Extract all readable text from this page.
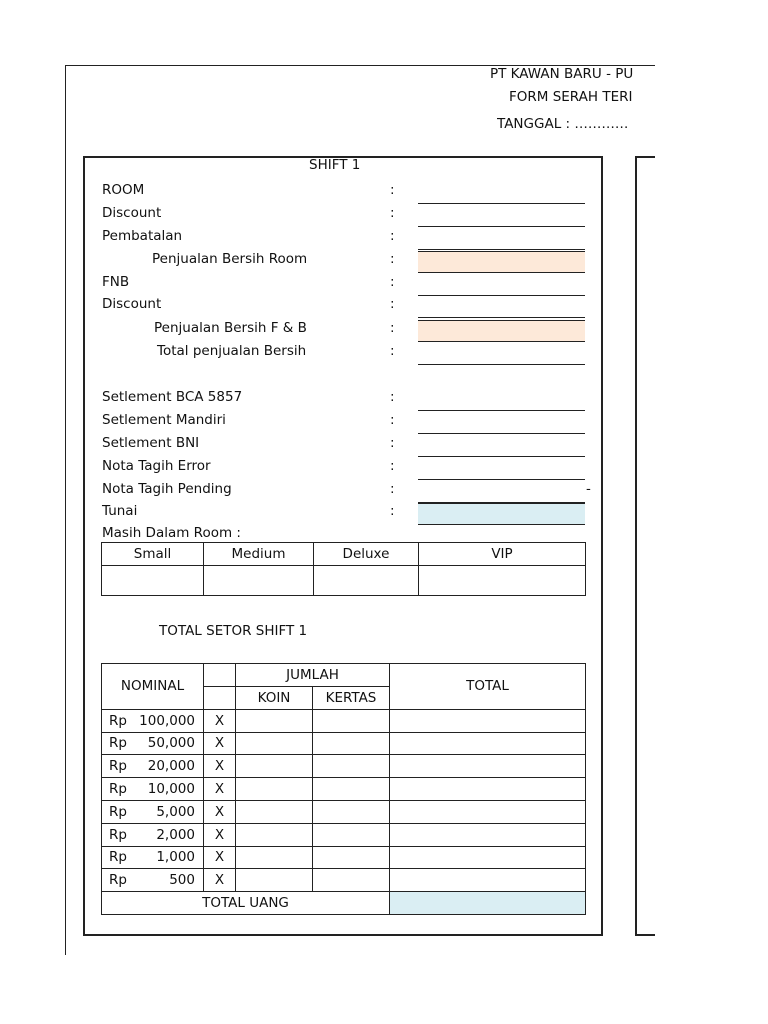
PT KAWAN BARU - PU
FORM SERAH TERI
TANGGAL : …………
SHIFT 1
ROOM	:
Discount	:
Pembatalan	:
Penjualan Bersih Room	:
FNB	:
Discount	:
Penjualan Bersih F & B	:
Total penjualan Bersih	:
Setlement BCA 5857	:
Setlement Mandiri	:
Setlement BNI	:
Nota Tagih Error	:
Nota Tagih Pending	:	-
Tunai	:
Masih Dalam Room :
Small	Medium	Deluxe	VIP

TOTAL SETOR SHIFT 1
NOMINAL		JUMLAH		TOTAL
		KOIN	KERTAS	

Rp 100,000	X			

Rp 50,000	X			

Rp 20,000	X			

Rp 10,000	X			

Rp 5,000	X			

Rp 2,000	X			

Rp 1,000	X			

Rp 500	X			
TOTAL UANG				
